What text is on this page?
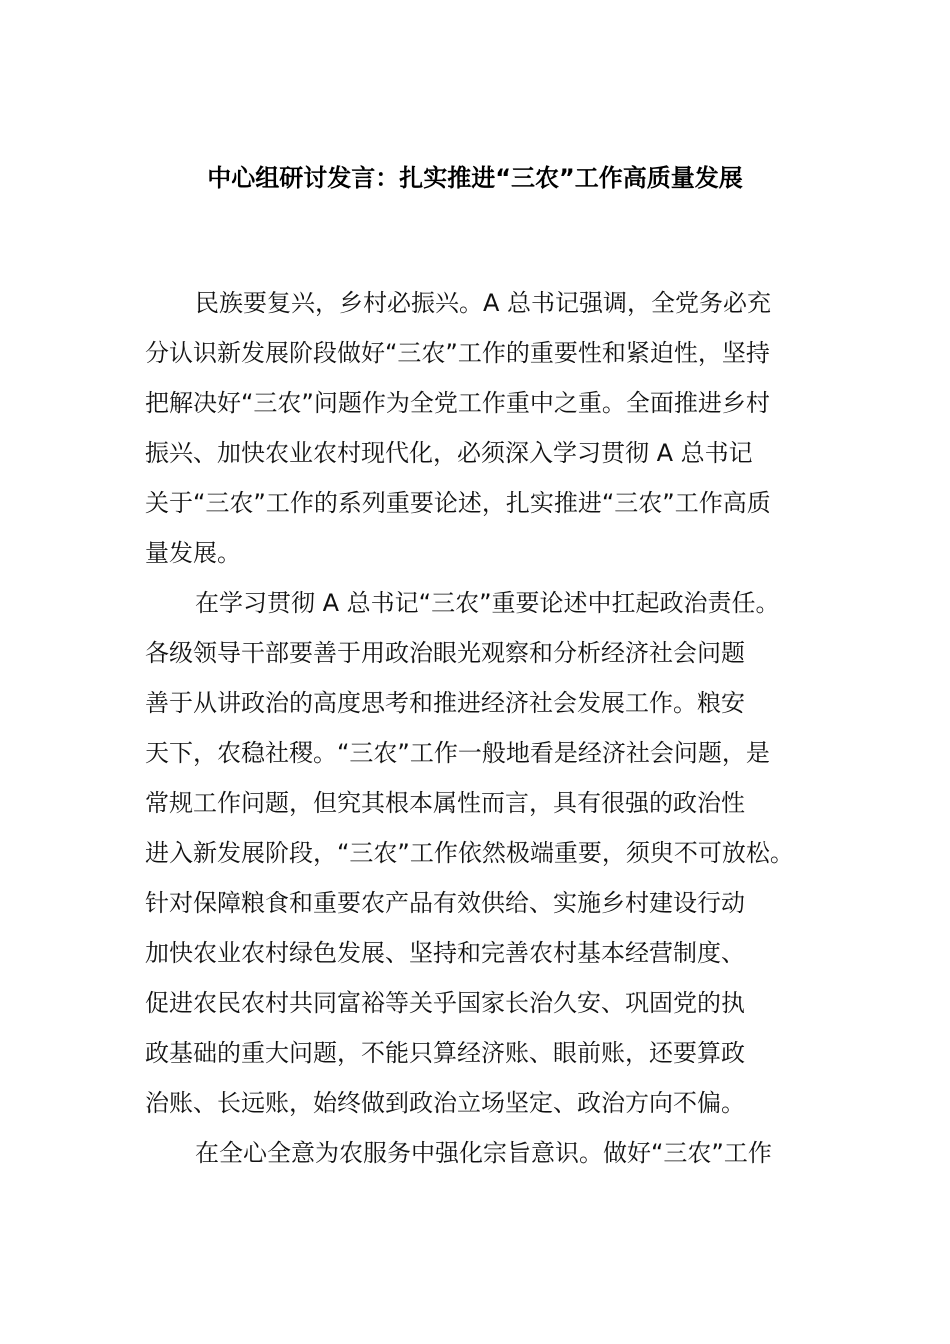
中心组研讨发言：扎实推进“三农”工作高质量发展
民族要复兴，乡村必振兴。A 总书记强调，全党务必充
分认识新发展阶段做好“三农”工作的重要性和紧迫性，坚持
把解决好“三农”问题作为全党工作重中之重。全面推进乡村
振兴、加快农业农村现代化，必须深入学习贯彻 A 总书记
关于“三农”工作的系列重要论述，扎实推进“三农”工作高质
量发展。
在学习贯彻 A 总书记“三农”重要论述中扛起政治责任。
各级领导干部要善于用政治眼光观察和分析经济社会问题
善于从讲政治的高度思考和推进经济社会发展工作。粮安
天下，农稳社稷。“三农”工作一般地看是经济社会问题，是
常规工作问题，但究其根本属性而言，具有很强的政治性
进入新发展阶段，“三农”工作依然极端重要，须臾不可放松。
针对保障粮食和重要农产品有效供给、实施乡村建设行动
加快农业农村绿色发展、坚持和完善农村基本经营制度、
促进农民农村共同富裕等关乎国家长治久安、巩固党的执
政基础的重大问题，不能只算经济账、眼前账，还要算政
治账、长远账，始终做到政治立场坚定、政治方向不偏。
在全心全意为农服务中强化宗旨意识。做好“三农”工作
